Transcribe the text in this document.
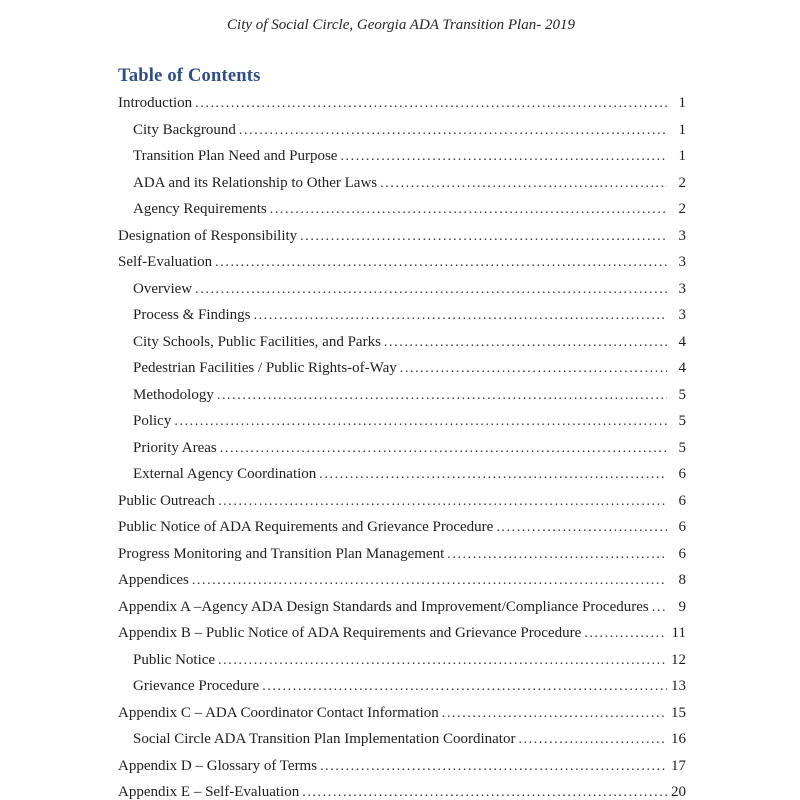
City of Social Circle, Georgia ADA Transition Plan- 2019
Table of Contents
Introduction .....	1
City Background .....	1
Transition Plan Need and Purpose .....	1
ADA and its Relationship to Other Laws .....	2
Agency Requirements .....	2
Designation of Responsibility .....	3
Self-Evaluation .....	3
Overview .....	3
Process & Findings .....	3
City Schools, Public Facilities, and Parks .....	4
Pedestrian Facilities / Public Rights-of-Way .....	4
Methodology .....	5
Policy .....	5
Priority Areas .....	5
External Agency Coordination .....	6
Public Outreach .....	6
Public Notice of ADA Requirements and Grievance Procedure .....	6
Progress Monitoring and Transition Plan Management .....	6
Appendices .....	8
Appendix A –Agency ADA Design Standards and Improvement/Compliance Procedures .....	9
Appendix B – Public Notice of ADA Requirements and Grievance Procedure .....	11
Public Notice .....	12
Grievance Procedure .....	13
Appendix C – ADA Coordinator Contact Information .....	15
Social Circle ADA Transition Plan Implementation Coordinator .....	16
Appendix D – Glossary of Terms .....	17
Appendix E – Self-Evaluation .....	20
